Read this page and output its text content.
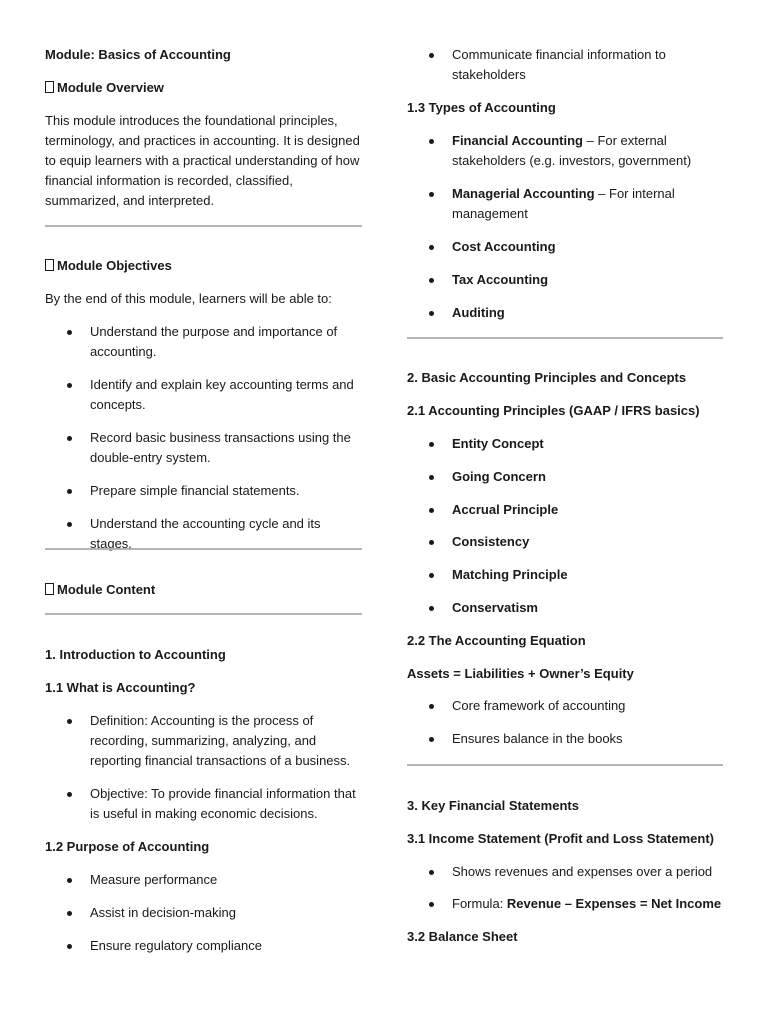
Module: Basics of Accounting
Module Overview
This module introduces the foundational principles, terminology, and practices in accounting. It is designed to equip learners with a practical understanding of how financial information is recorded, classified, summarized, and interpreted.
Module Objectives
By the end of this module, learners will be able to:
Understand the purpose and importance of accounting.
Identify and explain key accounting terms and concepts.
Record basic business transactions using the double-entry system.
Prepare simple financial statements.
Understand the accounting cycle and its stages.
Module Content
1. Introduction to Accounting
1.1 What is Accounting?
Definition: Accounting is the process of recording, summarizing, analyzing, and reporting financial transactions of a business.
Objective: To provide financial information that is useful in making economic decisions.
1.2 Purpose of Accounting
Measure performance
Assist in decision-making
Ensure regulatory compliance
Communicate financial information to stakeholders
1.3 Types of Accounting
Financial Accounting – For external stakeholders (e.g. investors, government)
Managerial Accounting – For internal management
Cost Accounting
Tax Accounting
Auditing
2. Basic Accounting Principles and Concepts
2.1 Accounting Principles (GAAP / IFRS basics)
Entity Concept
Going Concern
Accrual Principle
Consistency
Matching Principle
Conservatism
2.2 The Accounting Equation
Assets = Liabilities + Owner’s Equity
Core framework of accounting
Ensures balance in the books
3. Key Financial Statements
3.1 Income Statement (Profit and Loss Statement)
Shows revenues and expenses over a period
Formula: Revenue – Expenses = Net Income
3.2 Balance Sheet
